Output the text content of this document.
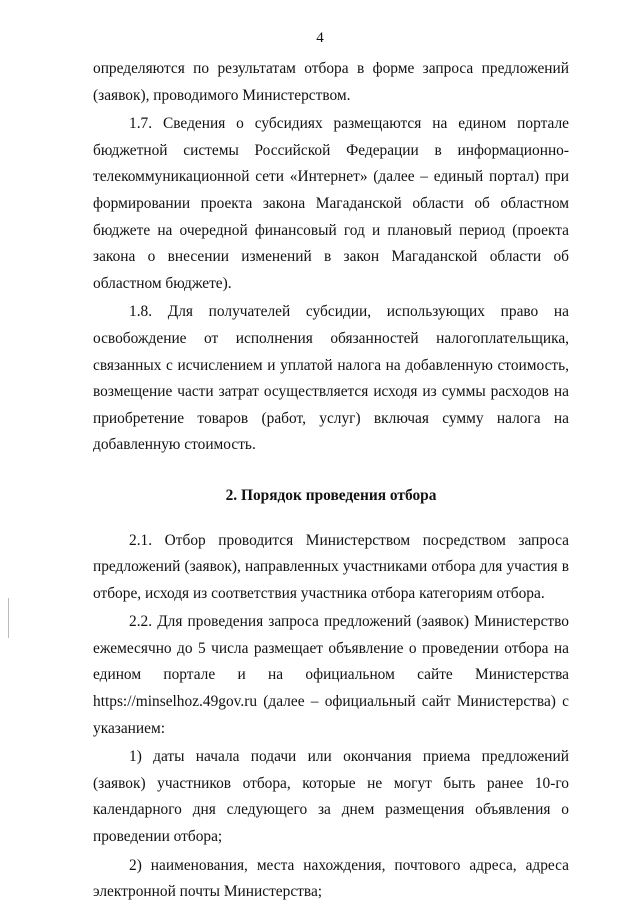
4

определяются по результатам отбора в форме запроса предложений (заявок), проводимого Министерством.

1.7. Сведения о субсидиях размещаются на едином портале бюджетной системы Российской Федерации в информационно-телекоммуникационной сети «Интернет» (далее – единый портал) при формировании проекта закона Магаданской области об областном бюджете на очередной финансовый год и плановый период (проекта закона о внесении изменений в закон Магаданской области об областном бюджете).

1.8. Для получателей субсидии, использующих право на освобождение от исполнения обязанностей налогоплательщика, связанных с исчислением и уплатой налога на добавленную стоимость, возмещение части затрат осуществляется исходя из суммы расходов на приобретение товаров (работ, услуг) включая сумму налога на добавленную стоимость.

2. Порядок проведения отбора

2.1. Отбор проводится Министерством посредством запроса предложений (заявок), направленных участниками отбора для участия в отборе, исходя из соответствия участника отбора категориям отбора.

2.2. Для проведения запроса предложений (заявок) Министерство ежемесячно до 5 числа размещает объявление о проведении отбора на едином портале и на официальном сайте Министерства https://minselhoz.49gov.ru (далее – официальный сайт Министерства) с указанием:

1) даты начала подачи или окончания приема предложений (заявок) участников отбора, которые не могут быть ранее 10-го календарного дня следующего за днем размещения объявления о проведении отбора;

2) наименования, места нахождения, почтового адреса, адреса электронной почты Министерства;
